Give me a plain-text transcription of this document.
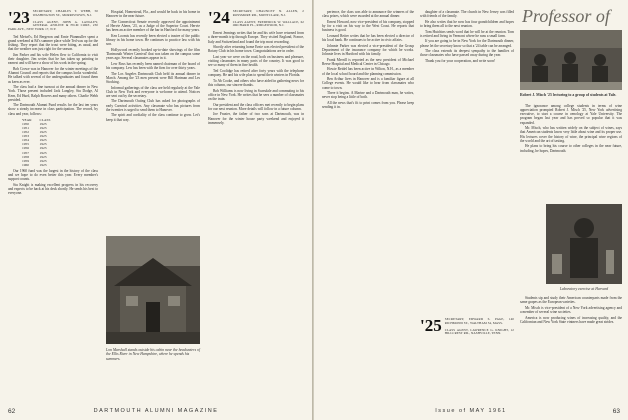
'23 SECRETARY, CHARLES T. WEBB, 50 WASHINGTON ST., MORRISTOWN, N.J.
CLASS AGENT, JOHN A. LANGLEY, GENERAL ANILINE & FILM CORP., 230 PARK AVE., NEW YORK 17, N.Y.

Ted Meisel's, Ed Bergeron and Ernie Pfanmuller spent a grand weekend at Ed's summer place while Ted was up for the fishing. They report that the trout were biting, as usual, and that the weather was just right for the season.

Jim Parker and his wife Helen flew to California to visit their daughter. Jim writes that he has taken up painting in earnest and will have a show of his work in the spring.

Bob Crowe was in Hanover for the winter meetings of the Alumni Council and reports that the campus looks wonderful. He talked with several of the undergraduates and found them as keen as ever.

The class had a fine turnout at the annual dinner in New York. Those present included Jack Langley, Stu Dodge, Al Kern, Ed Hurd, Ralph Bowers and many others. Charlie Webb presided.

The Dartmouth Alumni Fund results for the last ten years show a steady increase in class participation. The record, by class and year, follows:

YEAR	CLASS
1950	1923
1951	1923
1952	1923
1953	1923
1954	1923
1955	1923
1956	1923
1957	1923
1958	1923
1959	1923
1960	1923

Our 1960 fund was the largest in the history of the class and we hope to do even better this year. Every member's support counts.

Stu Knight is making excellent progress in his recovery and expects to be back at his desk shortly. He sends his best to everyone.

Hospital, Homestead, Fla., and would be back in his home in Hanover in the near future.

The Connecticut Senate recently approved the appointment of Hervie Ahern, '23, as a Judge of the Superior Court. Hervie has been an active member of the bar in Hartford for many years.

Ken Loomis has recently been elected a trustee of the public library in his home town. He continues to practice law with his son.

Hollywood recently booked up-to-date showings of the film 'Dartmouth Winter Carnival' that was taken on the campus some years ago. Several classmates appear in it.

Lew Ross has recently been named chairman of the board of his company. Lew has been with the firm for over thirty years.

The Los Angeles Dartmouth Club held its annual dinner in March. Among the '23 men present were Bill Hartman and Les Stocking.

Informal gatherings of the class are held regularly at the Yale Club in New York and everyone is welcome to attend. Notices are sent out by the secretary.

The Dartmouth Outing Club has asked for photographs of early Carnival activities. Any classmate who has pictures from the twenties is urged to send them to Hanover.

The spirit and cordiality of the class continue to grow. Let's keep it that way.

Lon Marshall stands outside his cabin near the headwaters of the Ellis River in New Hampshire, where he spends his summers.
'24 SECRETARY, CHAUNCEY N. ALLEN, 2 ROSSMORE RD., MONTCLAIR, N.J.
CLASS AGENT, FREDERICK W. WALLACE, 62 ORCHARD PL., RIDGEWOOD, N.J.

Ernest Jennings writes that he and his wife have returned from a three-month trip through Europe. They visited England, France, Italy and Switzerland and found the trip most rewarding.

Shortly after returning home Ernie was elected president of the Rotary Club in his home town. Congratulations are in order.

Last year we were on the road, both on business and pleasure, visiting classmates in many parts of the country. It was good to see so many of them in fine health.

Ted Coolidge has retired after forty years with the telephone company. He and his wife plan to spend their winters in Florida.

To Ab Cooke, and others who have aided in gathering news for this column, our sincere thanks.

Bob Williams is now living in Scarsdale and commuting to his office in New York. He writes that he sees a number of classmates on the train.

Our president and the class officers met recently to begin plans for our next reunion. More details will follow in a future column.

Joe Frazier, the father of two sons at Dartmouth, was in Hanover for the winter house party weekend and enjoyed it immensely.

62	DARTMOUTH ALUMNI MAGAZINE

perience, the class was able to announce the winners of the class prizes, which were awarded at the annual dinner.

Ernest Howard, now vice-president of his company, stopped by for a visit on his way to the West Coast. He reports that business is good.

Leonard Reiter writes that he has been elected a director of his local bank. He continues to be active in civic affairs.

Johnnie Parker was elected a vice-president of the Group Department of the insurance company for which he works. Johnnie lives in Hartford with his family.

Frank Merrill is reported as the new president of Michael Reese Hospital and Medical Center in Chicago.

Howie Reidel has been active in Wilton, N.H., as a member of the local school board and the planning commission.

Ben Arthur lives in Hanover and is a familiar figure at all College events. He would like to hear from classmates who come to town.

There it begins. A Marine and a Dartmouth man, he writes, never stop being a little of both.

All the news that's fit to print comes from you. Please keep sending it in.

daughter of a classmate. The church in New Jersey was filled with friends of the family.

He also writes that he now has four grandchildren and hopes to bring them all to the next reunion.

Tom Hutchins sends word that he will be at the reunion. Tom is retired and living in Vermont where he runs a small farm.

If you are going to be in New York for the Dartmouth dinner, please let the secretary know so that a '24 table can be arranged.

The class extends its deepest sympathy to the families of those classmates who have passed away during the year.

Thank you for your cooperation, and write soon!

'25 SECRETARY, EDWARD S. PAGE, 140 RICHMOND ST., WALTHAM 54, MASS.
CLASS AGENT, LAWRENCE G. KNIGHT, 12 HILLCREST RD., NASHVILLE, TENN.
Professor of
Robert J. Misch '25 lecturing to a group of students at Yale.

The ignorance among college students in terms of wine appreciation prompted Robert J. Misch '25, New York advertising executive, to start a course in oenology at Yale University. The program began last year and has proved so popular that it was expanded.

Mr. Misch, who has written widely on the subject of wines, says that American students know very little about wine and its proper use. His lectures cover the history of wine, the principal wine regions of the world and the art of tasting.

He plans to bring his course to other colleges in the near future, including, he hopes, Dartmouth.

Laboratory exercise at Harvard

Students sip and study their American counterparts made from the same grapes as the European varieties.

Mr. Misch is vice-president of a New York advertising agency and a member of several wine societies.

America is now producing wines of increasing quality, and the Californian and New York State vintners have made great strides.

Issue of MAY 1961	63
